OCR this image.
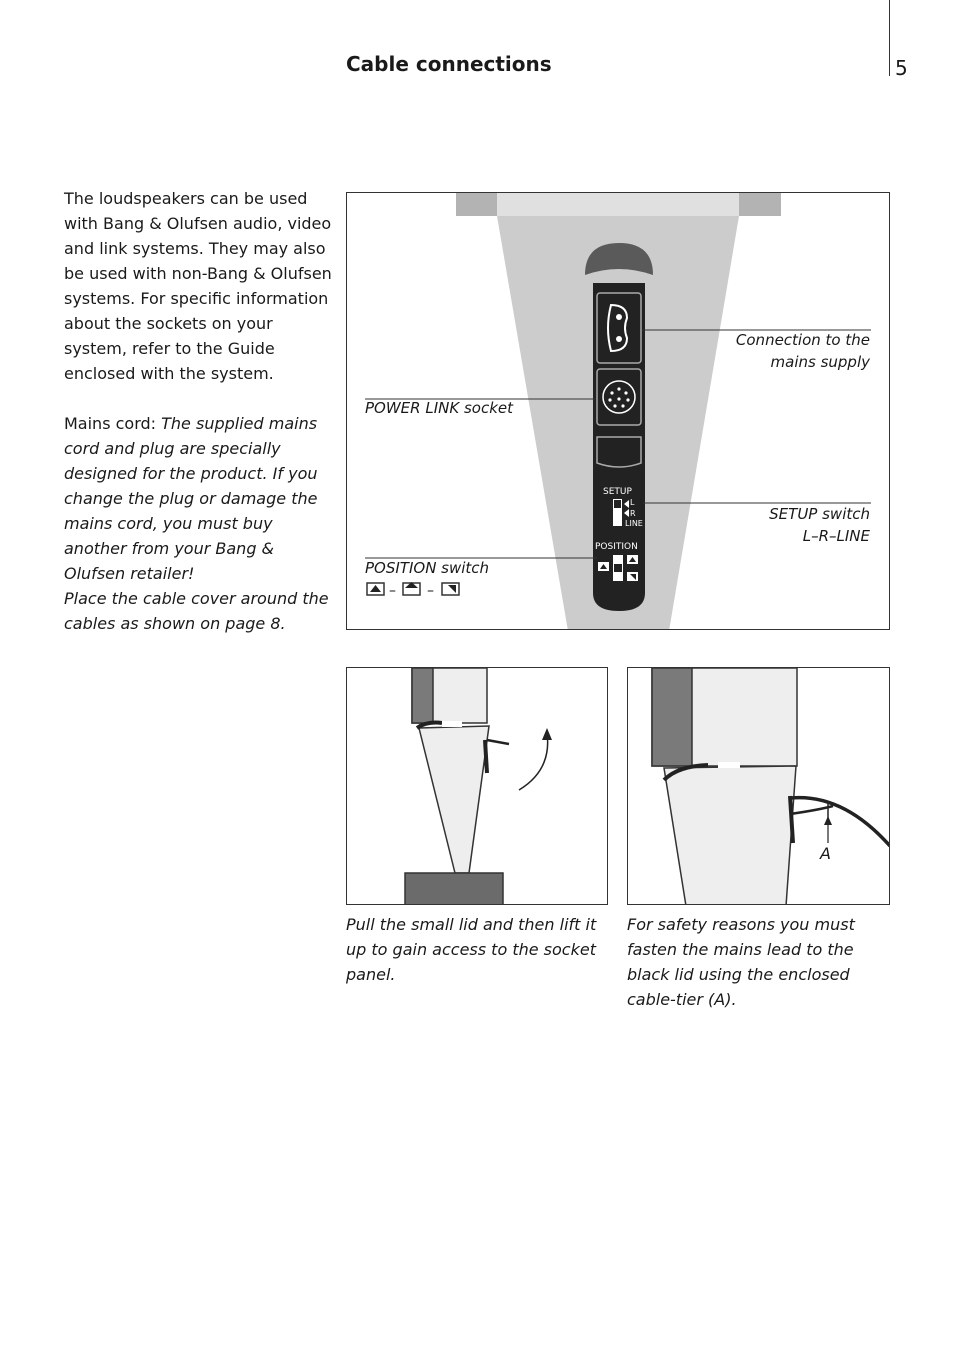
Cable connections	5

The loudspeakers can be used with Bang & Olufsen audio, video and link systems. They may also be used with non-Bang & Olufsen systems. For specific information about the sockets on your system, refer to the Guide enclosed with the system.

Mains cord: The supplied mains cord and plug are specially designed for the product. If you change the plug or damage the mains cord, you must buy another from your Bang & Olufsen retailer!

Place the cable cover around the cables as shown on page 8.

Connection to the
mains supply
POWER LINK socket
SETUP switch
L–R–LINE
POSITION switch
– –
SETUP
L
R
LINE
POSITION

Pull the small lid and then lift it up to gain access to the socket panel.

A

For safety reasons you must fasten the mains lead to the black lid using the enclosed cable-tier (A).
